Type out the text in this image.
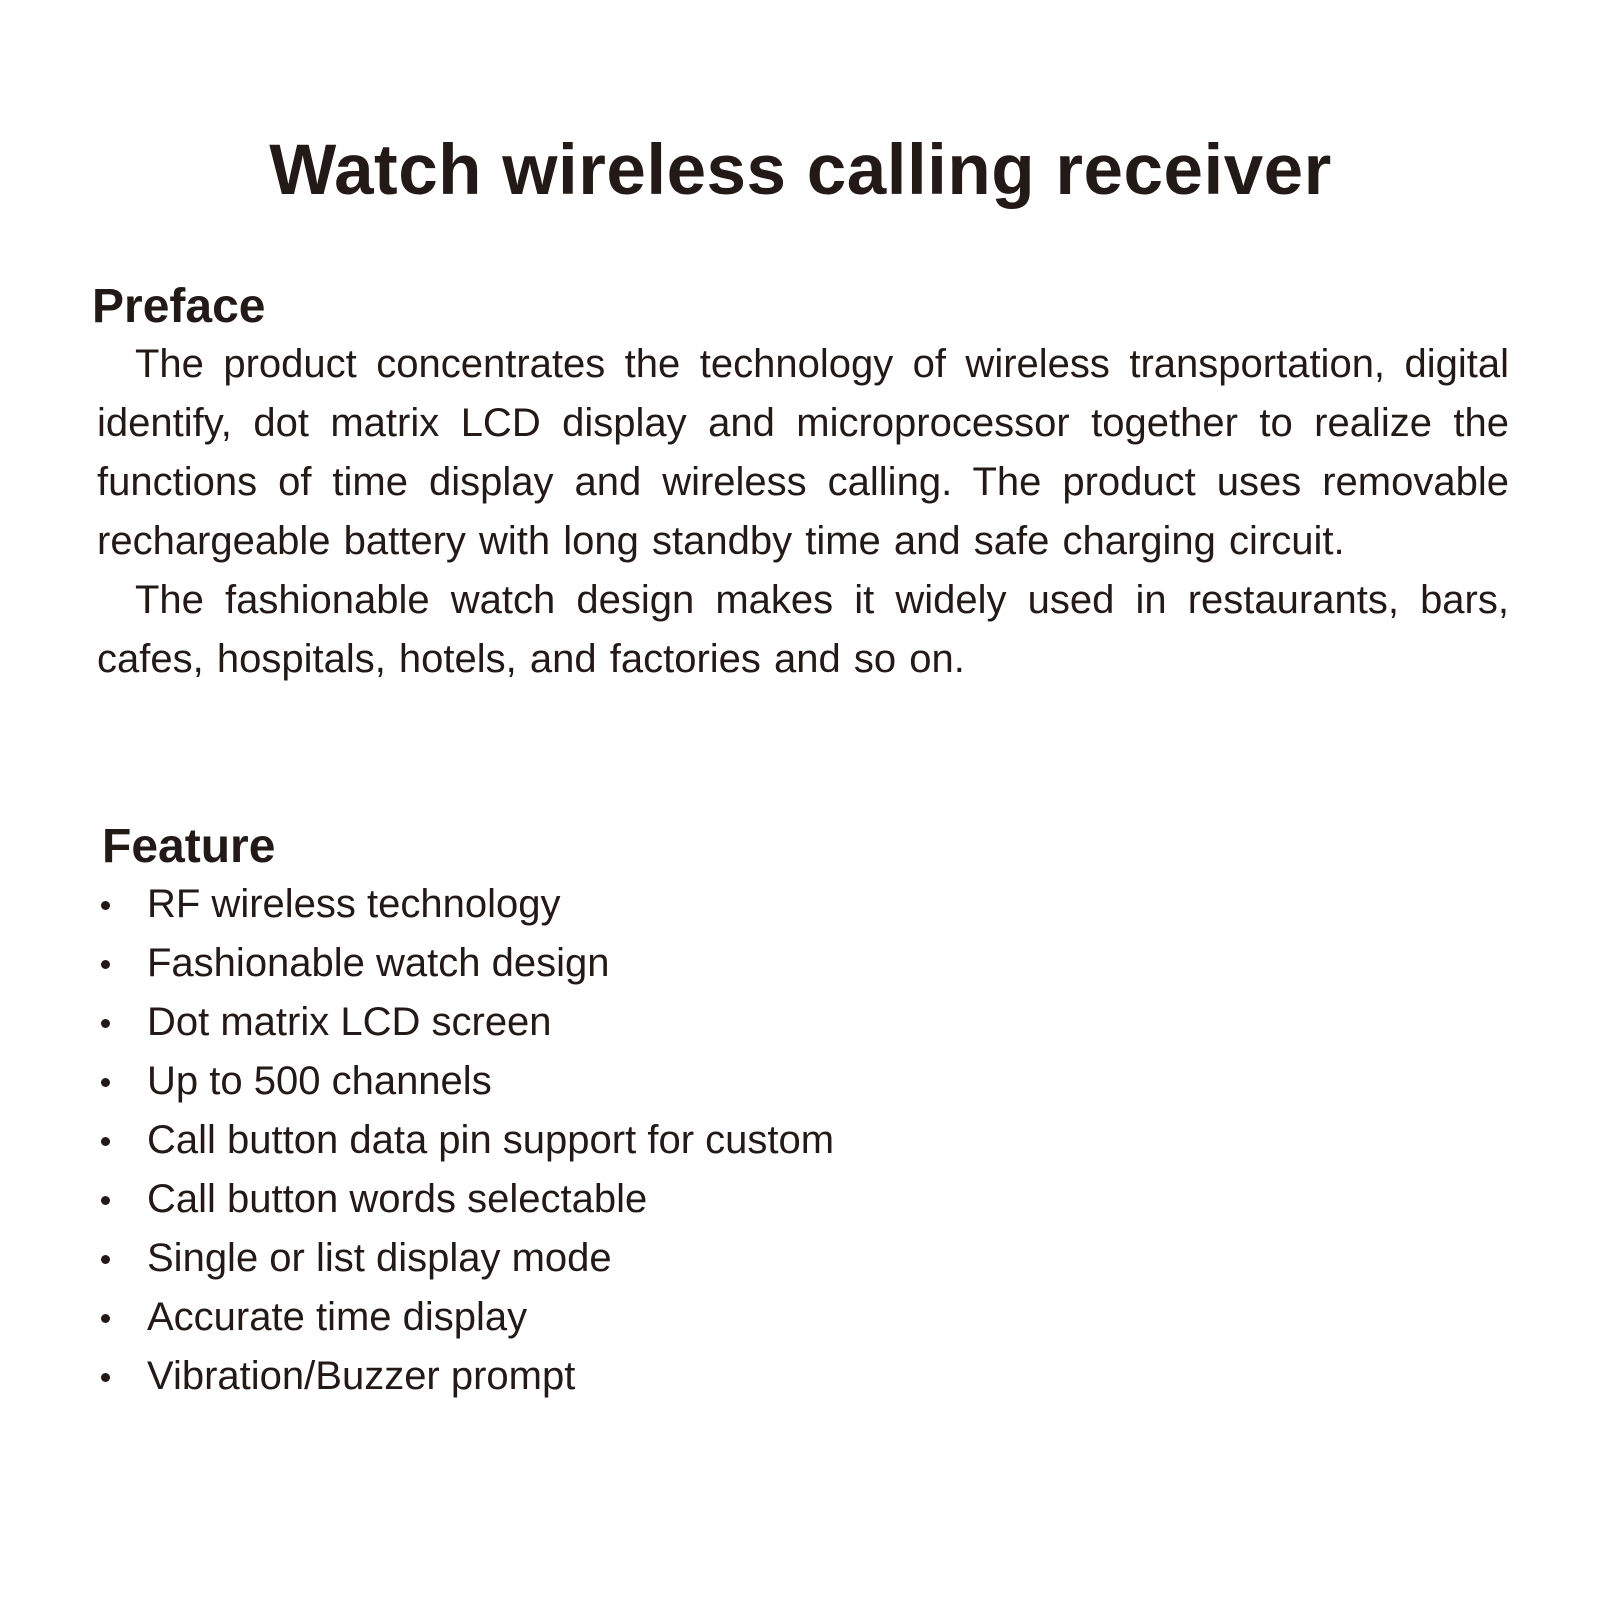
Watch wireless calling receiver
Preface

The product concentrates the technology of wireless transportation, digital identify, dot matrix LCD display and microprocessor together to realize the functions of time display and wireless calling. The product uses removable rechargeable battery with long standby time and safe charging circuit.

The fashionable watch design makes it widely used in restaurants, bars, cafes, hospitals, hotels, and factories and so on.

Feature
RF wireless technology
Fashionable watch design
Dot matrix LCD screen
Up to 500 channels
Call button data pin support for custom
Call button words selectable
Single or list display mode
Accurate time display
Vibration/Buzzer prompt
